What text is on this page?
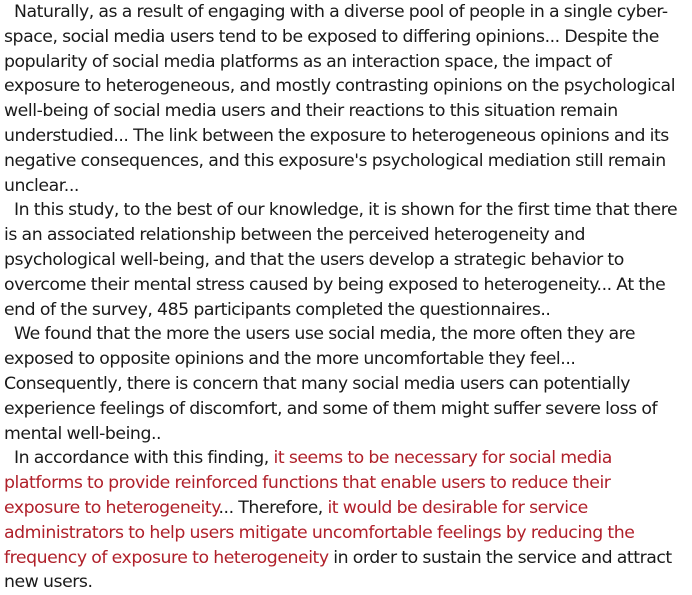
Naturally, as a result of engaging with a diverse pool of people in a single cyber-space, social media users tend to be exposed to differing opinions... Despite the popularity of social media platforms as an interaction space, the impact of exposure to heterogeneous, and mostly contrasting opinions on the psychological well-being of social media users and their reactions to this situation remain understudied... The link between the exposure to heterogeneous opinions and its negative consequences, and this exposure's psychological mediation still remain unclear...

In this study, to the best of our knowledge, it is shown for the first time that there is an associated relationship between the perceived heterogeneity and psychological well-being, and that the users develop a strategic behavior to overcome their mental stress caused by being exposed to heterogeneity... At the end of the survey, 485 participants completed the questionnaires..

We found that the more the users use social media, the more often they are exposed to opposite opinions and the more uncomfortable they feel... Consequently, there is concern that many social media users can potentially experience feelings of discomfort, and some of them might suffer severe loss of mental well-being..

In accordance with this finding, it seems to be necessary for social media platforms to provide reinforced functions that enable users to reduce their exposure to heterogeneity... Therefore, it would be desirable for service administrators to help users mitigate uncomfortable feelings by reducing the frequency of exposure to heterogeneity in order to sustain the service and attract new users.
